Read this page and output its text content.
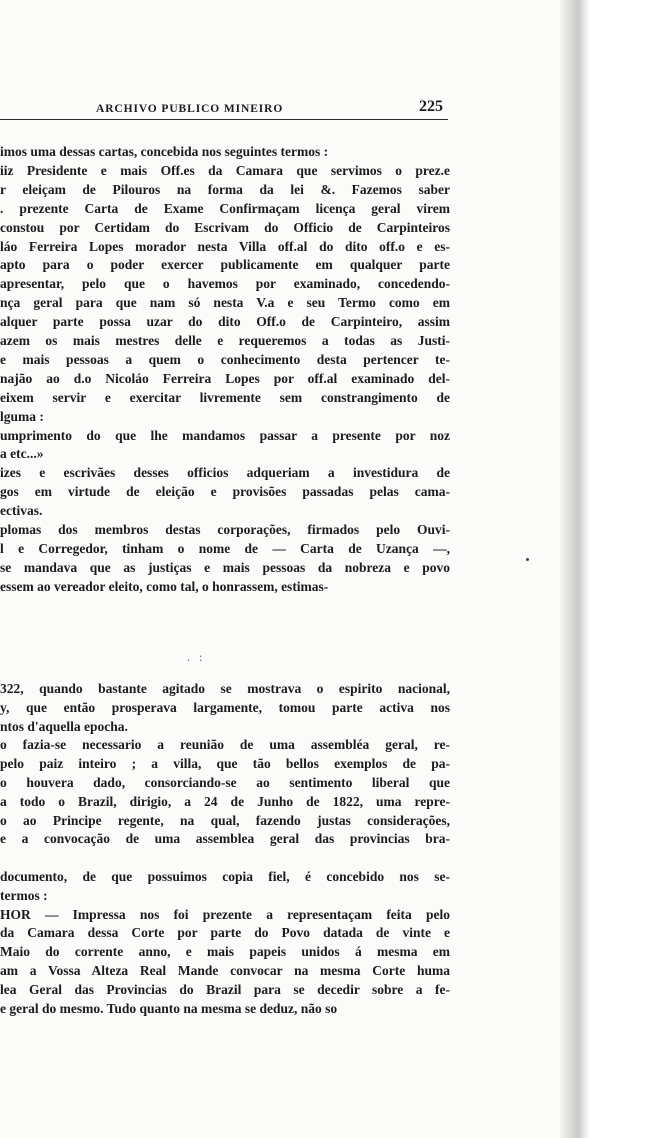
ARCHIVO PUBLICO MINEIRO	225
imos uma dessas cartas, concebida nos seguintes termos :
iiz Presidente e mais Off.es da Camara que servimos o prez.e
r eleiçam de Pilouros na forma da lei &. Fazemos saber
. prezente Carta de Exame Confirmaçam licença geral virem
constou por Certidam do Escrivam do Officio de Carpinteiros
láo Ferreira Lopes morador nesta Villa off.al do dito off.o e es-
apto para o poder exercer publicamente em qualquer parte
apresentar, pelo que o havemos por examinado, concedendo-
nça geral para que nam só nesta V.a e seu Termo como em
alquer parte possa uzar do dito Off.o de Carpinteiro, assim
azem os mais mestres delle e requeremos a todas as Justi-
e mais pessoas a quem o conhecimento desta pertencer te-
najão ao d.o Nicoláo Ferreira Lopes por off.al examinado del-
eixem servir e exercitar livremente sem constrangimento de
lguma :
umprimento do que lhe mandamos passar a presente por noz
a etc...»
izes e escrivães desses officios adqueriam a investidura de
gos em virtude de eleição e provisões passadas pelas cama-
ectivas.
plomas dos membros destas corporações, firmados pelo Ouvi-
l e Corregedor, tinham o nome de — Carta de Uzança —,
se mandava que as justiças e mais pessoas da nobreza e povo
essem ao vereador eleito, como tal, o honrassem, estimas-
. :
322, quando bastante agitado se mostrava o espirito nacional,
y, que então prosperava largamente, tomou parte activa nos
ntos d'aquella epocha.
o fazia-se necessario a reunião de uma assembléa geral, re-
pelo paiz inteiro ; a villa, que tão bellos exemplos de pa-
o houvera dado, consorciando-se ao sentimento liberal que
a todo o Brazil, dirigio, a 24 de Junho de 1822, uma repre-
o ao Principe regente, na qual, fazendo justas considerações,
e a convocação de uma assemblea geral das provincias bra-
documento, de que possuimos copia fiel, é concebido nos se-
termos :
HOR — Impressa nos foi prezente a representaçam feita pelo
da Camara dessa Corte por parte do Povo datada de vinte e
Maio do corrente anno, e mais papeis unidos á mesma em
am a Vossa Alteza Real Mande convocar na mesma Corte huma
lea Geral das Provincias do Brazil para se decedir sobre a fe-
e geral do mesmo. Tudo quanto na mesma se deduz, não so
